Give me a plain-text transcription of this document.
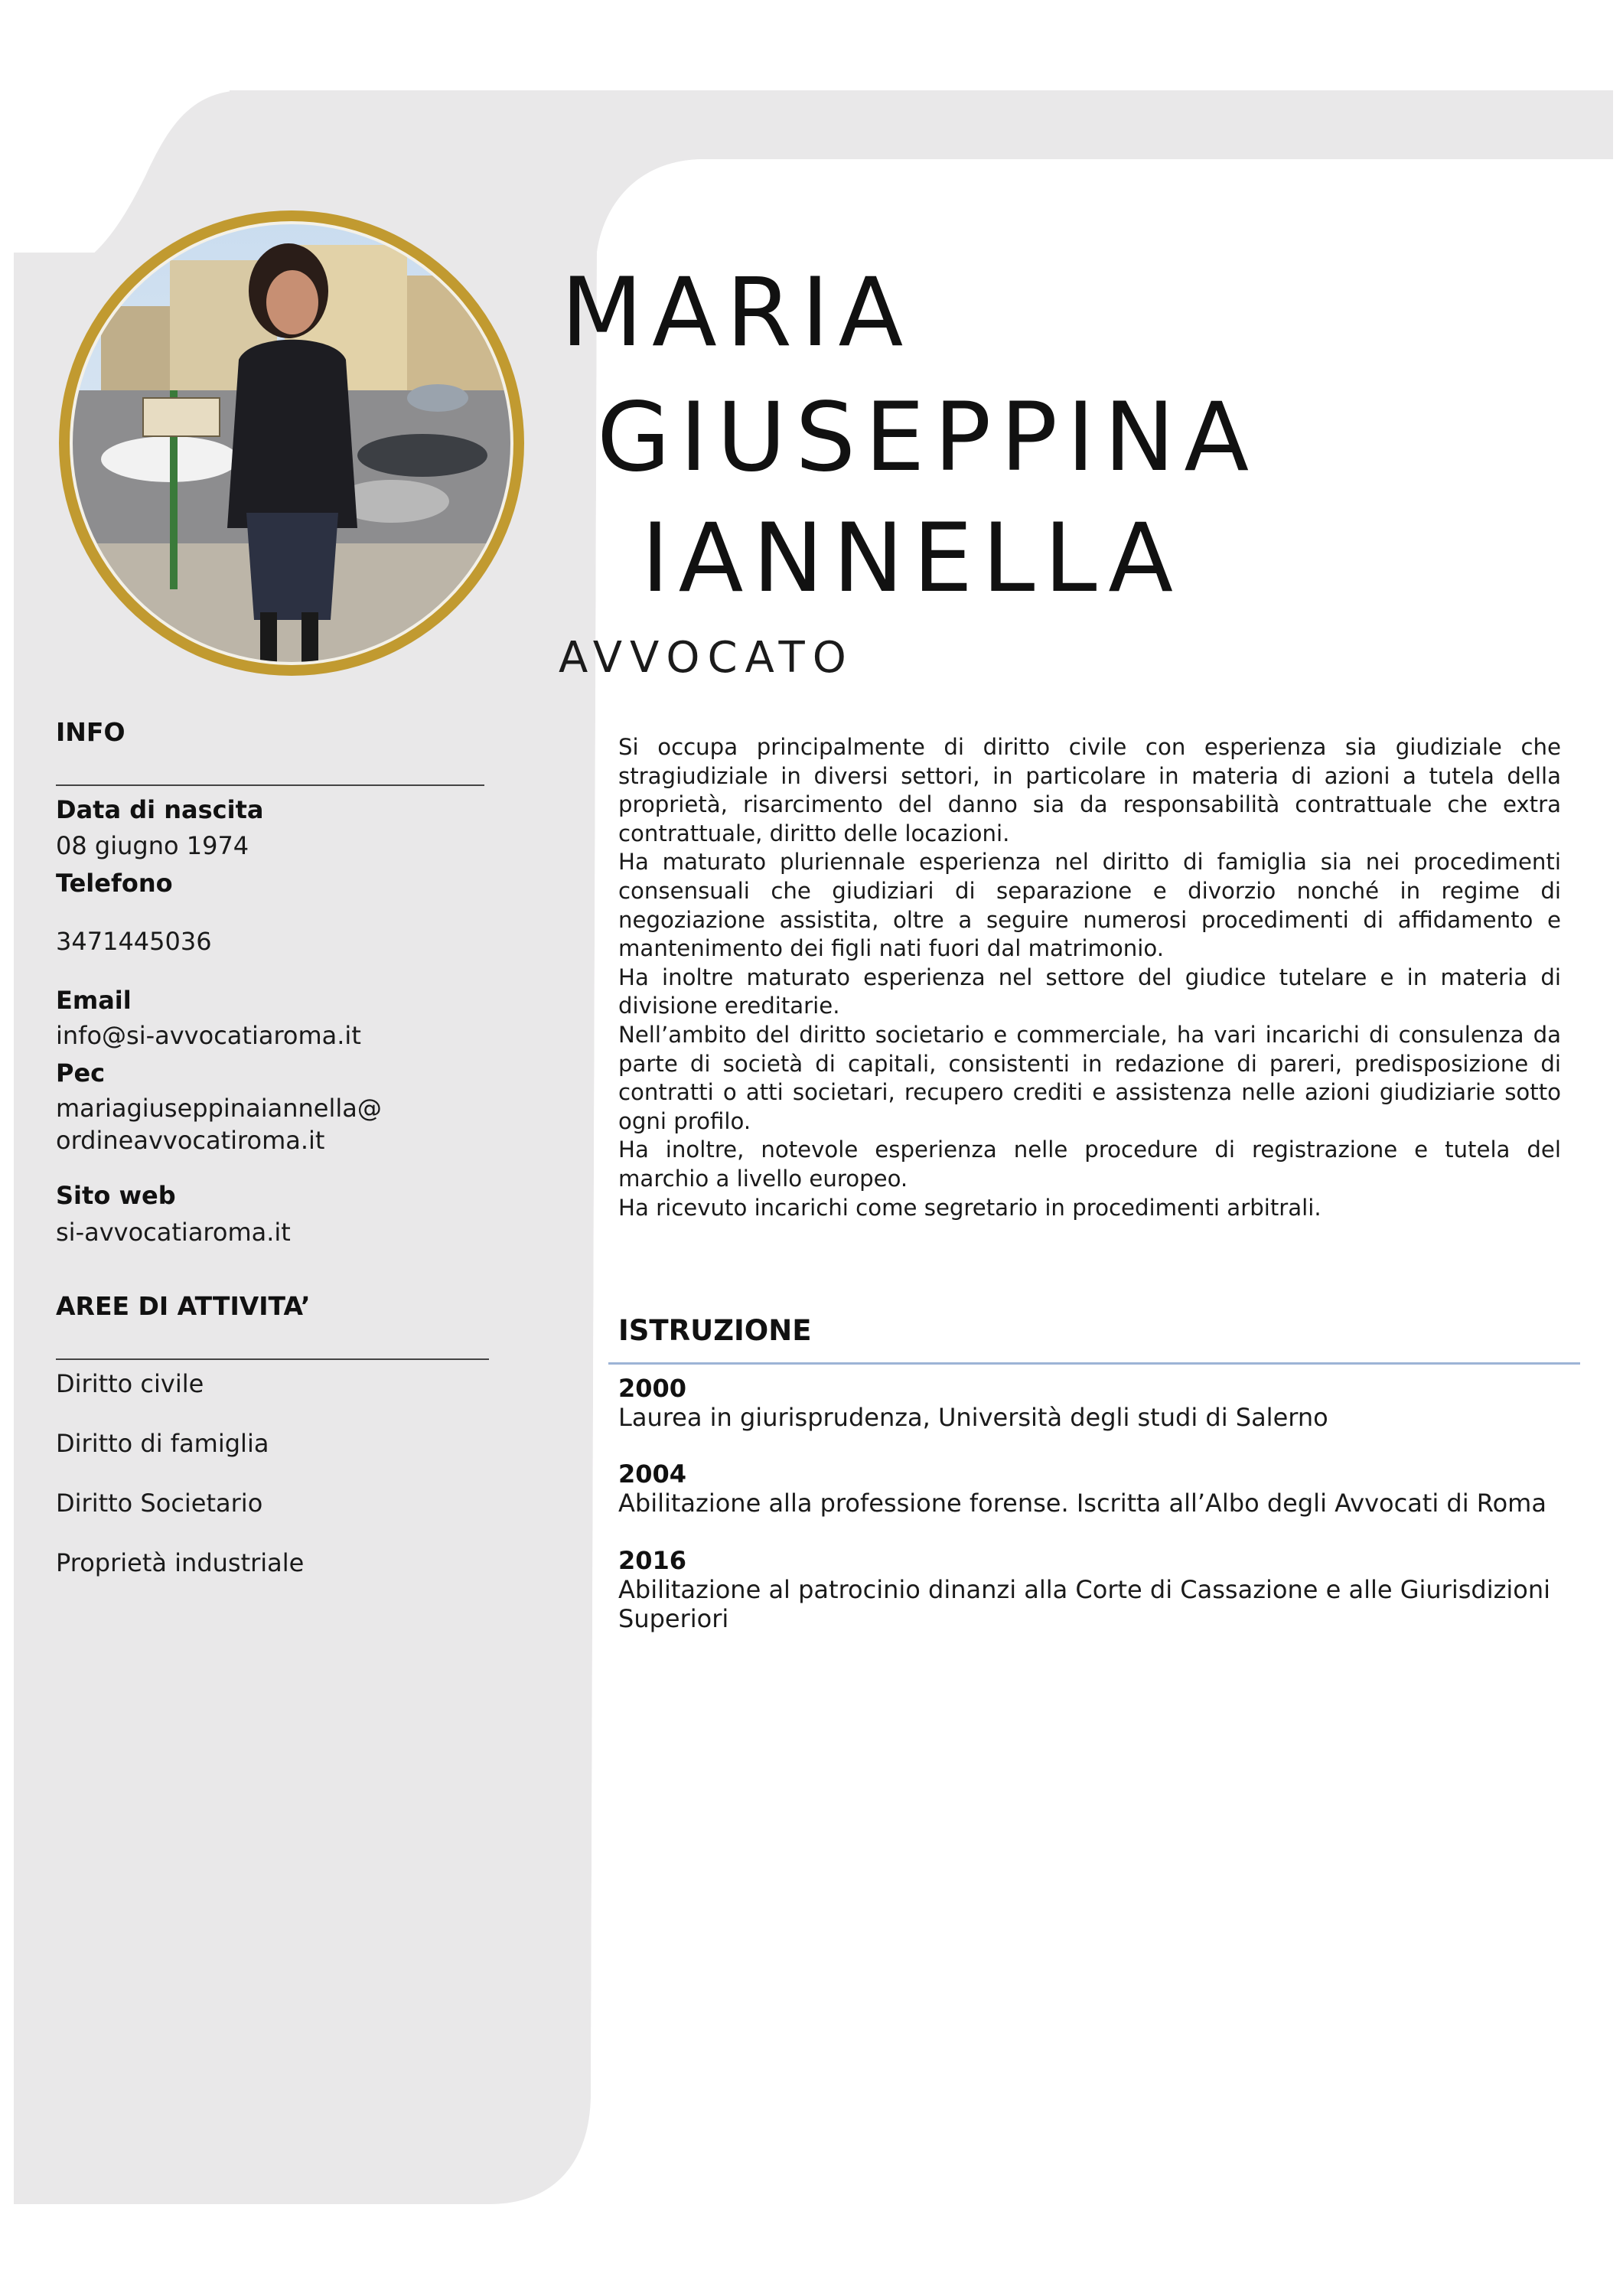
MARIA
GIUSEPPINA
IANNELLA
AVVOCATO
INFO
Data di nascita
08 giugno 1974
Telefono
3471445036
Email
info@si-avvocatiaroma.it
Pec
mariagiuseppinaiannella@
ordineavvocatiroma.it
Sito web
si-avvocatiaroma.it
AREE DI ATTIVITA’
Diritto civile
Diritto di famiglia
Diritto Societario
Proprietà industriale

Si occupa principalmente di diritto civile con esperienza sia giudiziale che stragiudiziale in diversi settori, in particolare in materia di azioni a tutela della proprietà, risarcimento del danno sia da responsabilità contrattuale che extra contrattuale, diritto delle locazioni.

Ha maturato pluriennale esperienza nel diritto di famiglia sia nei procedimenti consensuali che giudiziari di separazione e divorzio nonché in regime di negoziazione assistita, oltre a seguire numerosi procedimenti di affidamento e mantenimento dei figli nati fuori dal matrimonio.

Ha inoltre maturato esperienza nel settore del giudice tutelare e in materia di divisione ereditarie.

Nell’ambito del diritto societario e commerciale, ha vari incarichi di consulenza da parte di società di capitali, consistenti in redazione di pareri, predisposizione di contratti o atti societari, recupero crediti e assistenza nelle azioni giudiziarie sotto ogni profilo.

Ha inoltre, notevole esperienza nelle procedure di registrazione e tutela del marchio a livello europeo.

Ha ricevuto incarichi come segretario in procedimenti arbitrali.

ISTRUZIONE
2000
Laurea in giurisprudenza, Università degli studi di Salerno
2004
Abilitazione alla professione forense. Iscritta all’Albo degli Avvocati di Roma
2016
Abilitazione al patrocinio dinanzi alla Corte di Cassazione e alle Giurisdizioni Superiori
